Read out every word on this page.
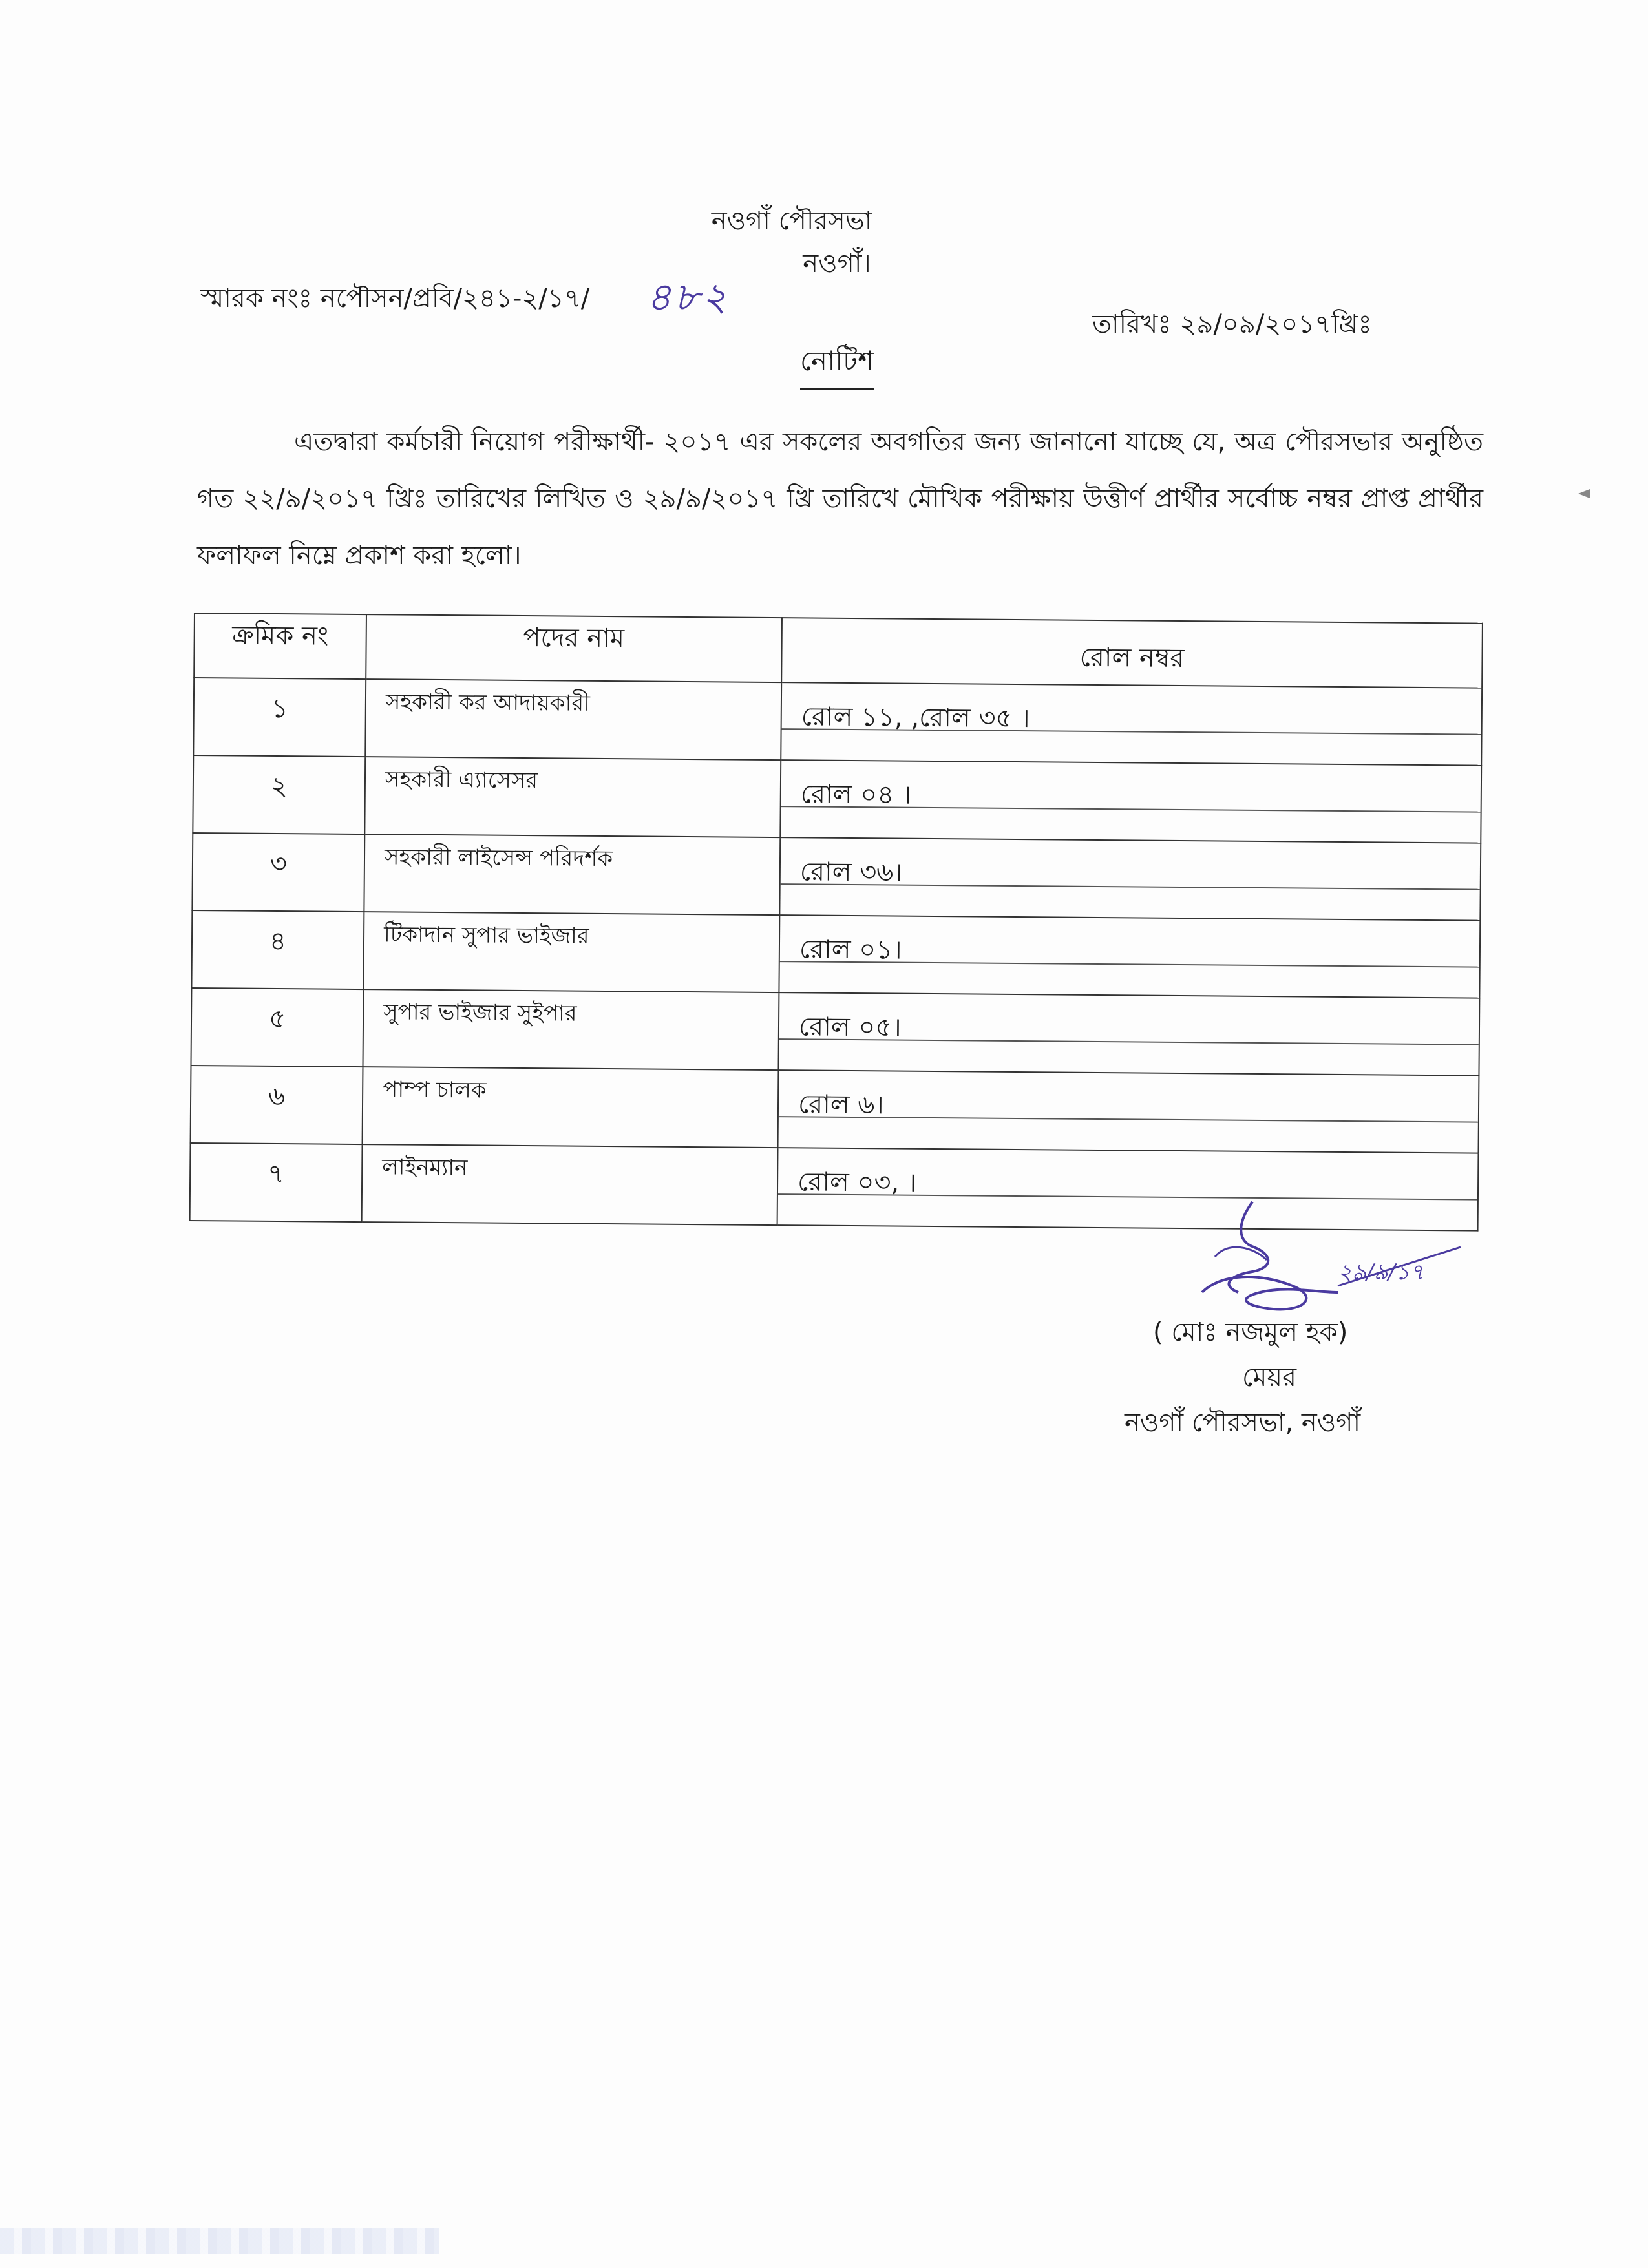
নওগাঁ পৌরসভা
নওগাঁ।
স্মারক নংঃ নপৌসন/প্রবি/২৪১-২/১৭/ ৪৮২
তারিখঃ ২৯/০৯/২০১৭খ্রিঃ
নোটিশ
এতদ্বারা কর্মচারী নিয়োগ পরীক্ষার্থী- ২০১৭ এর সকলের অবগতির জন্য জানানো যাচ্ছে যে, অত্র পৌরসভার অনুষ্ঠিত গত ২২/৯/২০১৭ খ্রিঃ তারিখের লিখিত ও ২৯/৯/২০১৭ খ্রি তারিখে মৌখিক পরীক্ষায় উত্তীর্ণ প্রার্থীর সর্বোচ্চ নম্বর প্রাপ্ত প্রার্থীর ফলাফল নিম্নে প্রকাশ করা হলো।
ক্রমিক নং	পদের নাম	রোল নম্বর
১	সহকারী কর আদায়কারী	রোল ১১, ,রোল ৩৫ ।

২	সহকারী এ্যাসেসর	রোল ০৪ ।

৩	সহকারী লাইসেন্স পরিদর্শক	রোল ৩৬।

৪	টিকাদান সুপার ভাইজার	রোল ০১।

৫	সুপার ভাইজার সুইপার	রোল ০৫।

৬	পাম্প চালক	রোল ৬।

৭	লাইনম্যান	রোল ০৩, ।
২৯/৯/১৭
( মোঃ নজমুল হক)
মেয়র
নওগাঁ পৌরসভা, নওগাঁ
